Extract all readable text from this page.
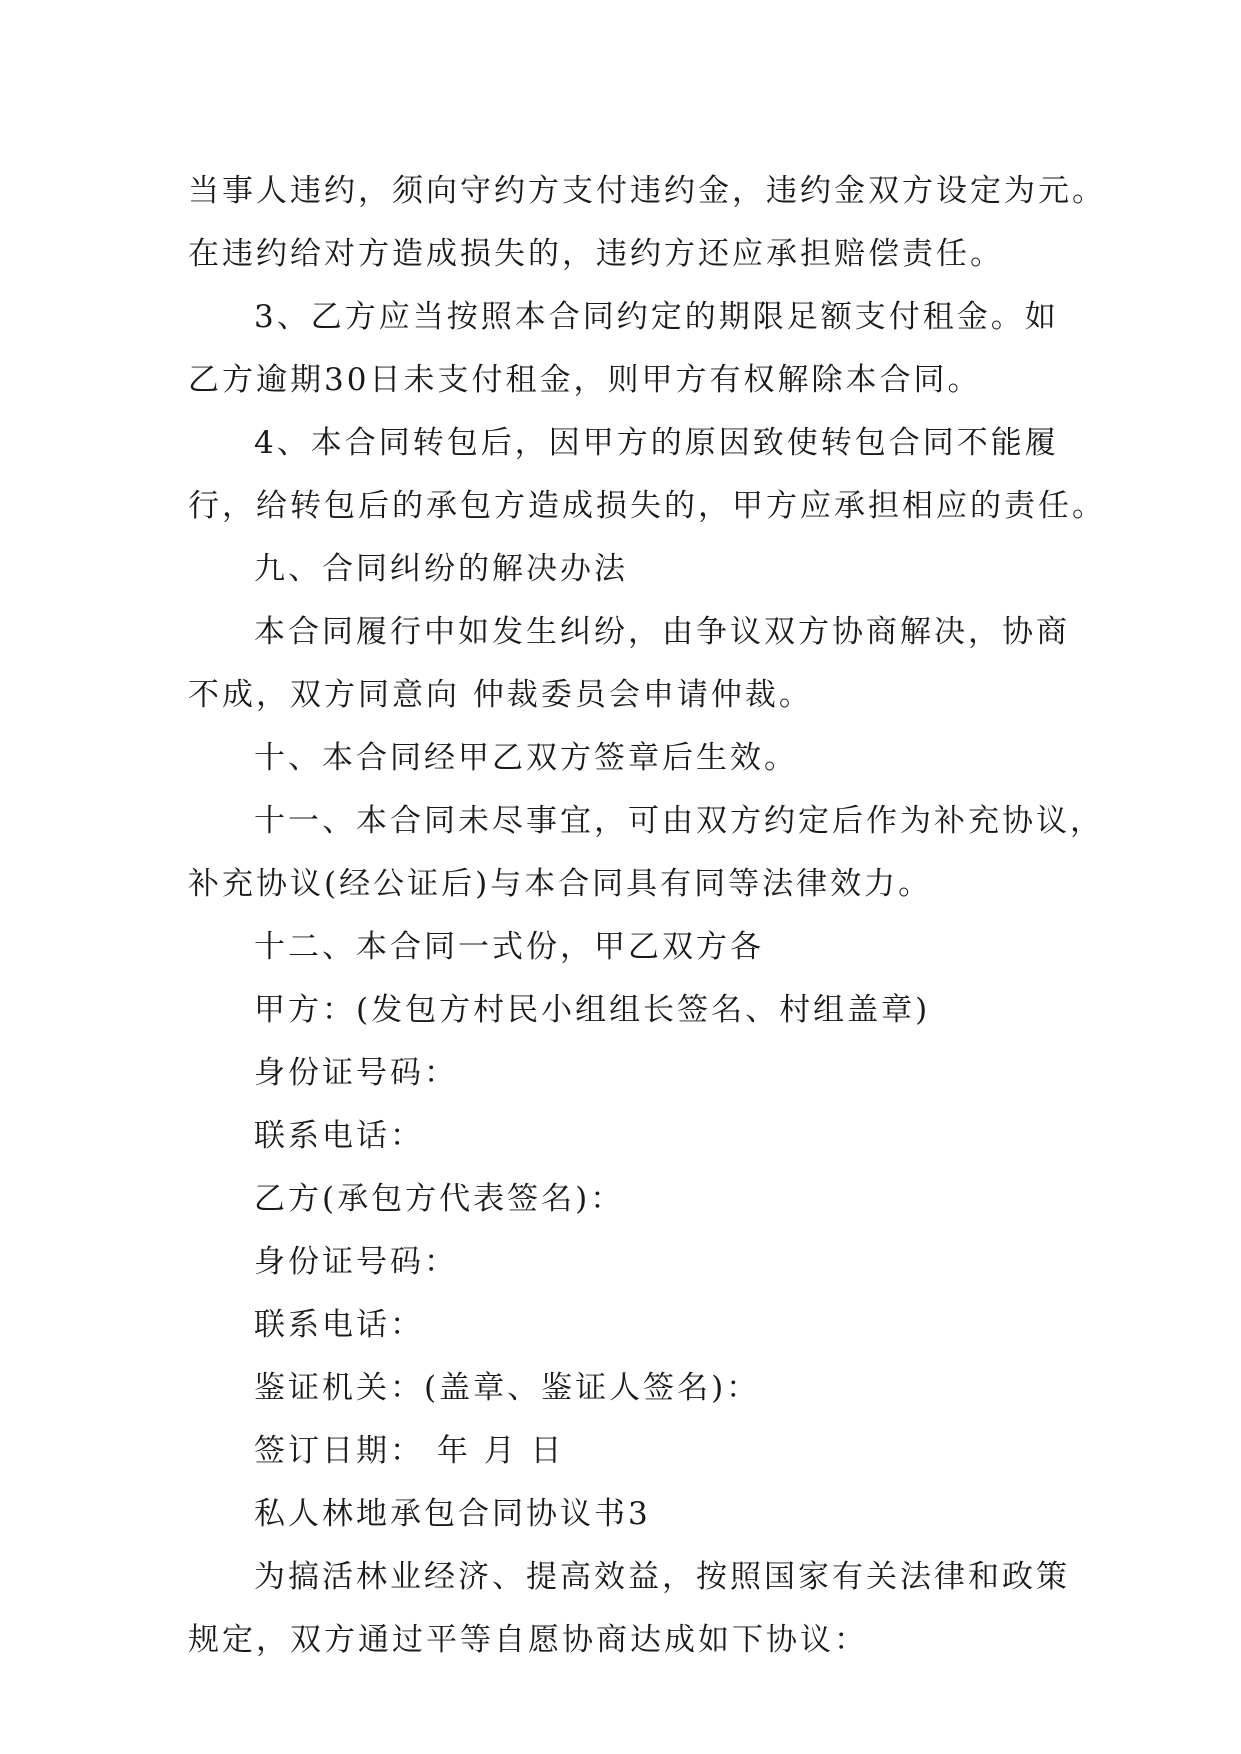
当事人违约，须向守约方支付违约金，违约金双方设定为元。
在违约给对方造成损失的，违约方还应承担赔偿责任。
3、乙方应当按照本合同约定的期限足额支付租金。如
乙方逾期30日未支付租金，则甲方有权解除本合同。
4、本合同转包后，因甲方的原因致使转包合同不能履
行，给转包后的承包方造成损失的，甲方应承担相应的责任。
九、合同纠纷的解决办法
本合同履行中如发生纠纷，由争议双方协商解决，协商
不成，双方同意向 仲裁委员会申请仲裁。
十、本合同经甲乙双方签章后生效。
十一、本合同未尽事宜，可由双方约定后作为补充协议，
补充协议(经公证后)与本合同具有同等法律效力。
十二、本合同一式份，甲乙双方各
甲方：(发包方村民小组组长签名、村组盖章)
身份证号码：
联系电话：
乙方(承包方代表签名)：
身份证号码：
联系电话：
鉴证机关：(盖章、鉴证人签名)：
签订日期： 年 月 日
私人林地承包合同协议书3
为搞活林业经济、提高效益，按照国家有关法律和政策
规定，双方通过平等自愿协商达成如下协议：
